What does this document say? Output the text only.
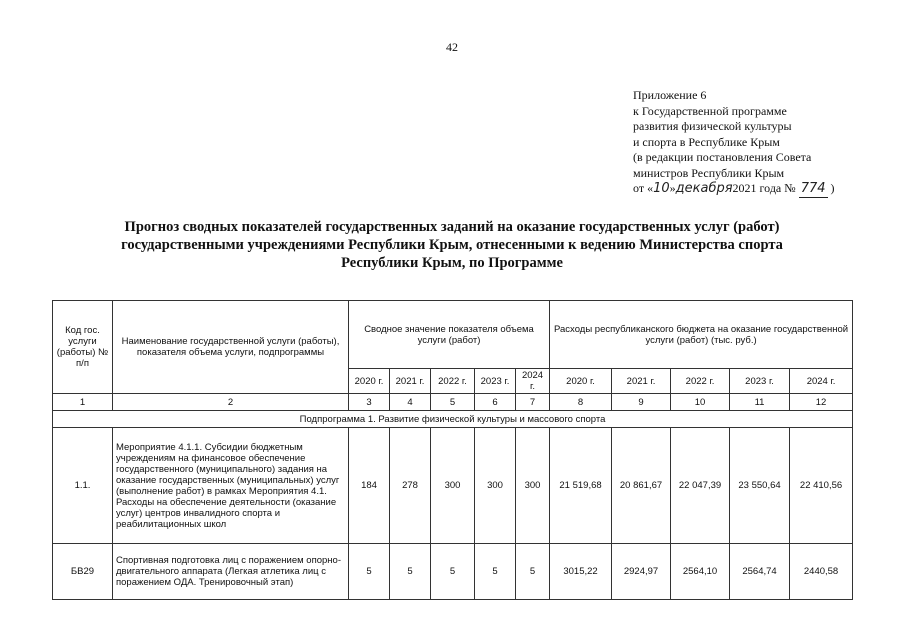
42
Приложение 6
к Государственной программе
развития физической культуры
и спорта в Республике Крым
(в редакции постановления Совета
министров Республики Крым
от «10»декабря2021 года № 774 )
Прогноз сводных показателей государственных заданий на оказание государственных услуг (работ) государственными учреждениями Республики Крым, отнесенными к ведению Министерства спорта Республики Крым, по Программе
Код гос. услуги (работы) № п/п	Наименование государственной услуги (работы), показателя объема услуги, подпрограммы	Сводное значение показателя объема услуги (работ)					Расходы республиканского бюджета на оказание государственной услуги (работ) (тыс. руб.)				
		2020 г.	2021 г.	2022 г.	2023 г.	2024 г.	2020 г.	2021 г.	2022 г.	2023 г.	2024 г.
1	2	3	4	5	6	7	8	9	10	11	12
Подпрограмма 1. Развитие физической культуры и массового спорта											
1.1.	Мероприятие 4.1.1. Субсидии бюджетным учреждениям на финансовое обеспечение государственного (муниципального) задания на оказание государственных (муниципальных) услуг (выполнение работ) в рамках Мероприятия 4.1. Расходы на обеспечение деятельности (оказание услуг) центров инвалидного спорта и реабилитационных школ	184	278	300	300	300	21 519,68	20 861,67	22 047,39	23 550,64	22 410,56
БВ29	Спортивная подготовка лиц с поражением опорно-двигательного аппарата (Легкая атлетика лиц с поражением ОДА. Тренировочный этап)	5	5	5	5	5	3015,22	2924,97	2564,10	2564,74	2440,58
